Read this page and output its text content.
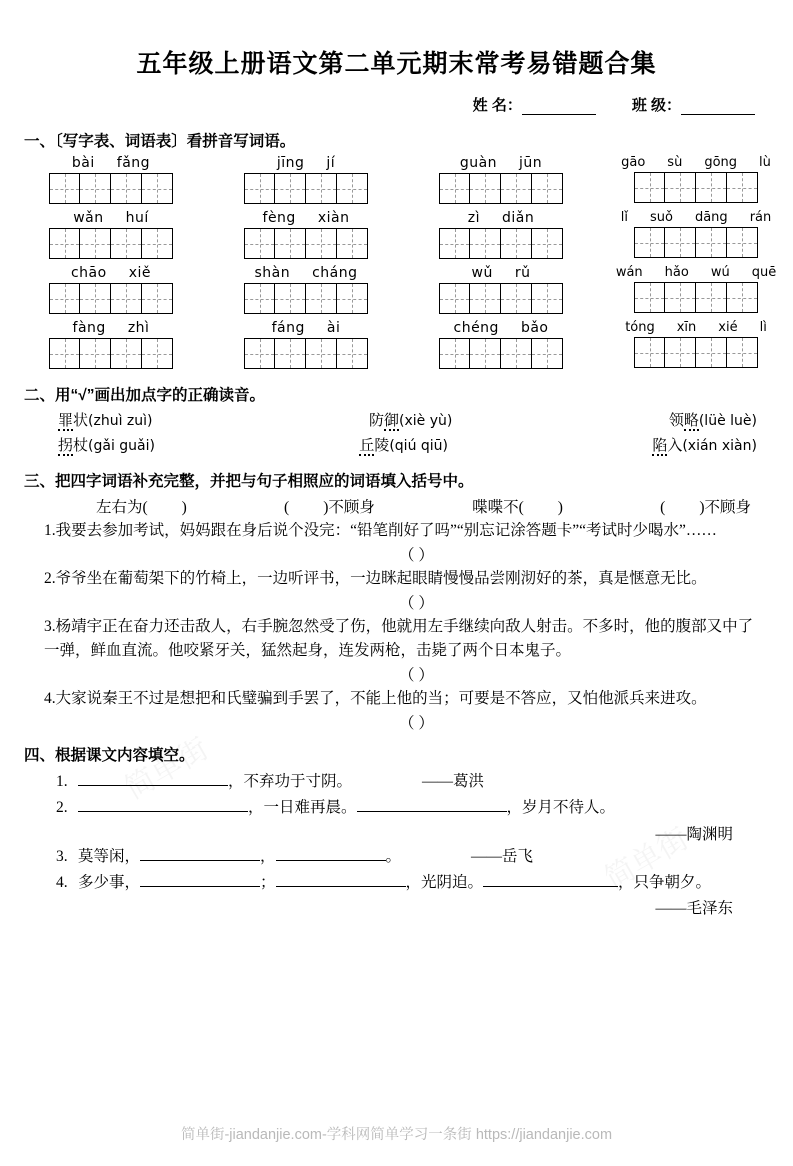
五年级上册语文第二单元期末常考易错题合集
姓 名：	班 级：
一、〔写字表、词语表〕看拼音写词语。
bài fǎng	jīng jí	guàn jūn	gāo sù gōng lù
wǎn huí	fèng xiàn	zì diǎn	lǐ suǒ dāng rán
chāo xiě	shàn cháng	wǔ rǔ	wán hǎo wú quē
fàng zhì	fáng ài	chéng bǎo	tóng xīn xié lì
二、用“√”画出加点字的正确读音。
罪状(zhuì zuì)	防御(xiè yù)	领略(lüè luè)
拐杖(gǎi guǎi)	丘陵(qiú qiū)	陷入(xián xiàn)
三、把四字词语补充完整，并把与句子相照应的词语填入括号中。
左右为( )	( )不顾身	喋喋不( )	( )不顾身
1.我要去参加考试，妈妈跟在身后说个没完：“铅笔削好了吗”“别忘记涂答题卡”“考试时少喝水”……
（ ）
2.爷爷坐在葡萄架下的竹椅上，一边听评书，一边眯起眼睛慢慢品尝刚沏好的茶，真是惬意无比。
（ ）
3.杨靖宇正在奋力还击敌人，右手腕忽然受了伤，他就用左手继续向敌人射击。不多时，他的腹部又中了一弹，鲜血直流。他咬紧牙关，猛然起身，连发两枪，击毙了两个日本鬼子。
（ ）
4.大家说秦王不过是想把和氏璧骗到手罢了，不能上他的当；可要是不答应，又怕他派兵来进攻。
（ ）
四、根据课文内容填空。
1.	，不弃功于寸阴。	——葛洪
2.	，一日难再晨。	，岁月不待人。
——陶渊明
3. 莫等闲，	，	。	——岳飞
4. 多少事，	；	，光阴迫。	，只争朝夕。
——毛泽东
简单街-jiandanjie.com-学科网简单学习一条街 https://jiandanjie.com
